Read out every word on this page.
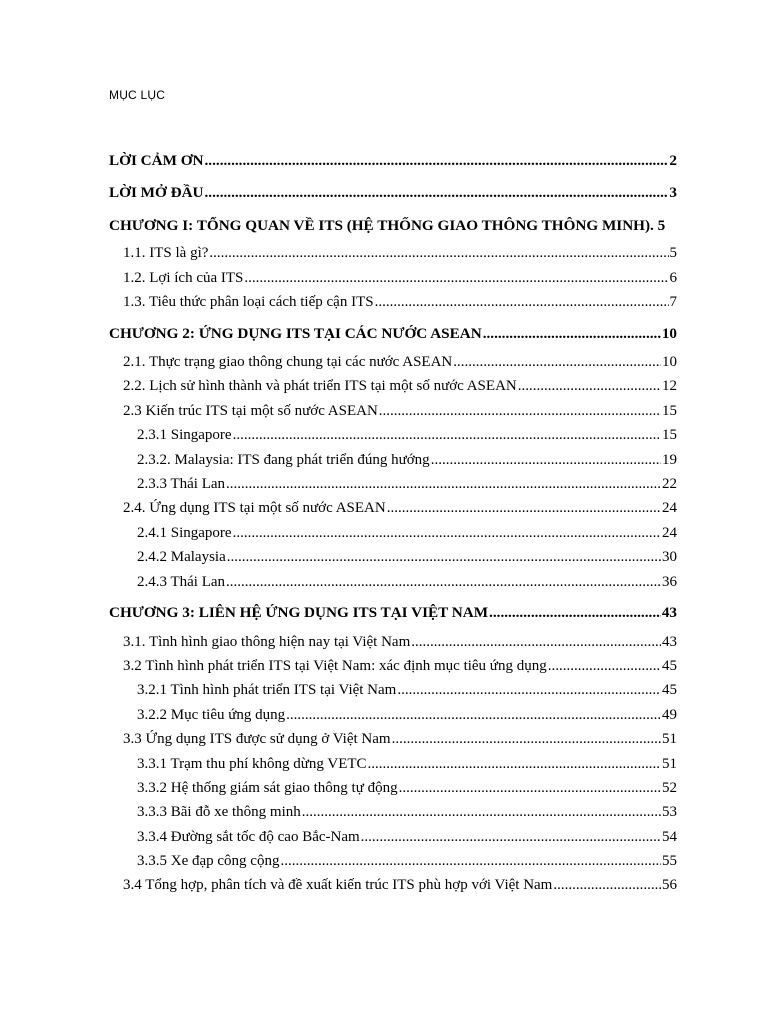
MỤC LỤC
LỜI CẢM ƠN .....	2
LỜI MỞ ĐẦU .....	3
CHƯƠNG I: TỔNG QUAN VỀ ITS (HỆ THỐNG GIAO THÔNG THÔNG MINH). 5
1.1. ITS là gì? .....	5
1.2. Lợi ích của ITS .....	6
1.3. Tiêu thức phân loại cách tiếp cận ITS .....	7
CHƯƠNG 2: ỨNG DỤNG ITS TẠI CÁC NƯỚC ASEAN .....	10
2.1. Thực trạng giao thông chung tại các nước ASEAN .....	10
2.2. Lịch sử hình thành và phát triển ITS tại một số nước ASEAN .....	12
2.3 Kiến trúc ITS tại một số nước ASEAN .....	15
2.3.1 Singapore .....	15
2.3.2. Malaysia: ITS đang phát triển đúng hướng .....	19
2.3.3 Thái Lan .....	22
2.4. Ứng dụng ITS tại một số nước ASEAN .....	24
2.4.1 Singapore .....	24
2.4.2 Malaysia .....	30
2.4.3 Thái Lan .....	36
CHƯƠNG 3: LIÊN HỆ ỨNG DỤNG ITS TẠI VIỆT NAM .....	43
3.1. Tình hình giao thông hiện nay tại Việt Nam .....	43
3.2 Tình hình phát triển ITS tại Việt Nam: xác định mục tiêu ứng dụng .....	45
3.2.1 Tình hình phát triển ITS tại Việt Nam .....	45
3.2.2 Mục tiêu ứng dụng .....	49
3.3 Ứng dụng ITS được sử dụng ở Việt Nam .....	51
3.3.1 Trạm thu phí không dừng VETC .....	51
3.3.2 Hệ thống giám sát giao thông tự động .....	52
3.3.3 Bãi đỗ xe thông minh .....	53
3.3.4 Đường sắt tốc độ cao Bắc-Nam .....	54
3.3.5 Xe đạp công cộng .....	55
3.4 Tổng hợp, phân tích và đề xuất kiến trúc ITS phù hợp với Việt Nam .....	56
